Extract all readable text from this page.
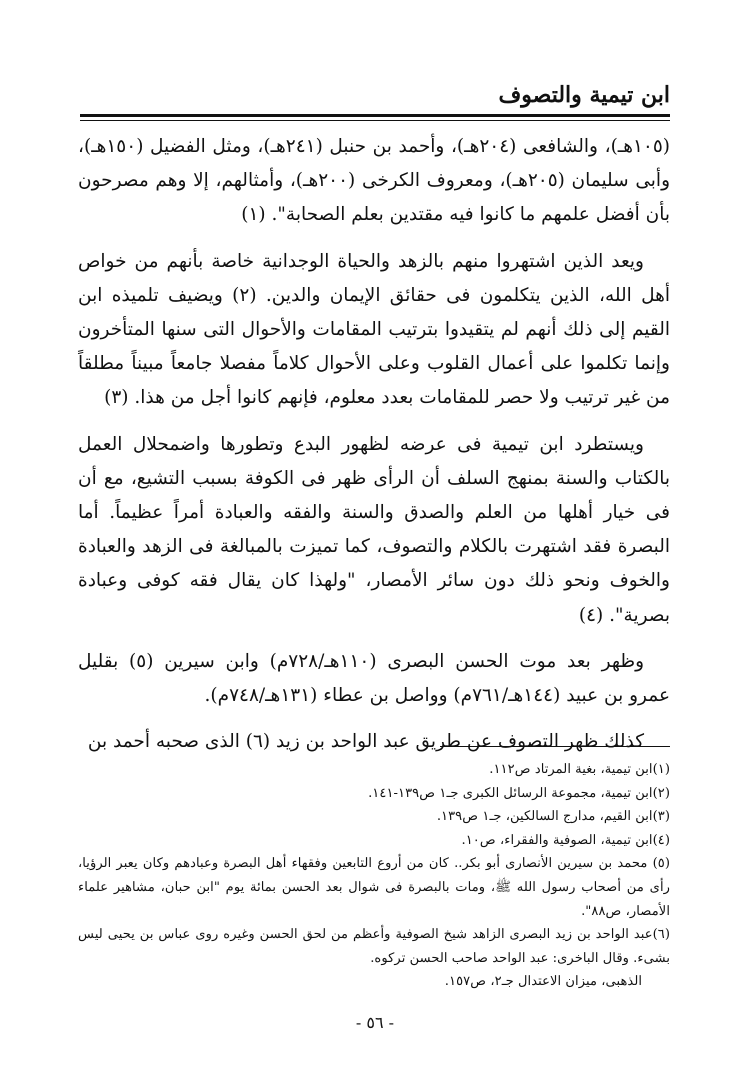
ابن تيمية والتصوف

(١٠٥هـ)، والشافعى (٢٠٤هـ)، وأحمد بن حنبل (٢٤١هـ)، ومثل الفضيل (١٥٠هـ)، وأبى سليمان (٢٠٥هـ)، ومعروف الكرخى (٢٠٠هـ)، وأمثالهم، إلا وهم مصرحون بأن أفضل علمهم ما كانوا فيه مقتدين بعلم الصحابة". (١)

ويعد الذين اشتهروا منهم بالزهد والحياة الوجدانية خاصة بأنهم من خواص أهل الله، الذين يتكلمون فى حقائق الإيمان والدين. (٢) ويضيف تلميذه ابن القيم إلى ذلك أنهم لم يتقيدوا بترتيب المقامات والأحوال التى سنها المتأخرون وإنما تكلموا على أعمال القلوب وعلى الأحوال كلاماً مفصلا جامعاً مبيناً مطلقاً من غير ترتيب ولا حصر للمقامات بعدد معلوم، فإنهم كانوا أجل من هذا. (٣)

ويستطرد ابن تيمية فى عرضه لظهور البدع وتطورها واضمحلال العمل بالكتاب والسنة بمنهج السلف أن الرأى ظهر فى الكوفة بسبب التشيع، مع أن فى خيار أهلها من العلم والصدق والسنة والفقه والعبادة أمراً عظيماً. أما البصرة فقد اشتهرت بالكلام والتصوف، كما تميزت بالمبالغة فى الزهد والعبادة والخوف ونحو ذلك دون سائر الأمصار، "ولهذا كان يقال فقه كوفى وعبادة بصرية". (٤)

وظهر بعد موت الحسن البصرى (١١٠هـ/٧٢٨م) وابن سيرين (٥) بقليل عمرو بن عبيد (١٤٤هـ/٧٦١م) وواصل بن عطاء (١٣١هـ/٧٤٨م).

كذلك ظهر التصوف عن طريق عبد الواحد بن زيد (٦) الذى صحبه أحمد بن

(١)ابن تيمية، بغية المرتاد ص١١٢.

(٢)ابن تيمية، مجموعة الرسائل الكبرى جـ١ ص١٣٩-١٤١.

(٣)ابن القيم، مدارج السالكين، جـ١ ص١٣٩.

(٤)ابن تيمية، الصوفية والفقراء، ص١٠.

(٥) محمد بن سيرين الأنصارى أبو بكر.. كان من أروع التابعين وفقهاء أهل البصرة وعبادهم وكان يعبر الرؤيا، رأى من أصحاب رسول الله ﷺ، ومات بالبصرة فى شوال بعد الحسن بمائة يوم "ابن حبان، مشاهير علماء الأمصار، ص٨٨".

(٦)عبد الواحد بن زيد البصرى الزاهد شيخ الصوفية وأعظم من لحق الحسن وغيره روى عباس بن يحيى ليس بشىء. وقال الباخرى: عبد الواحد صاحب الحسن تركوه.

الذهبى، ميزان الاعتدال جـ٢، ص١٥٧.

- ٥٦ -
